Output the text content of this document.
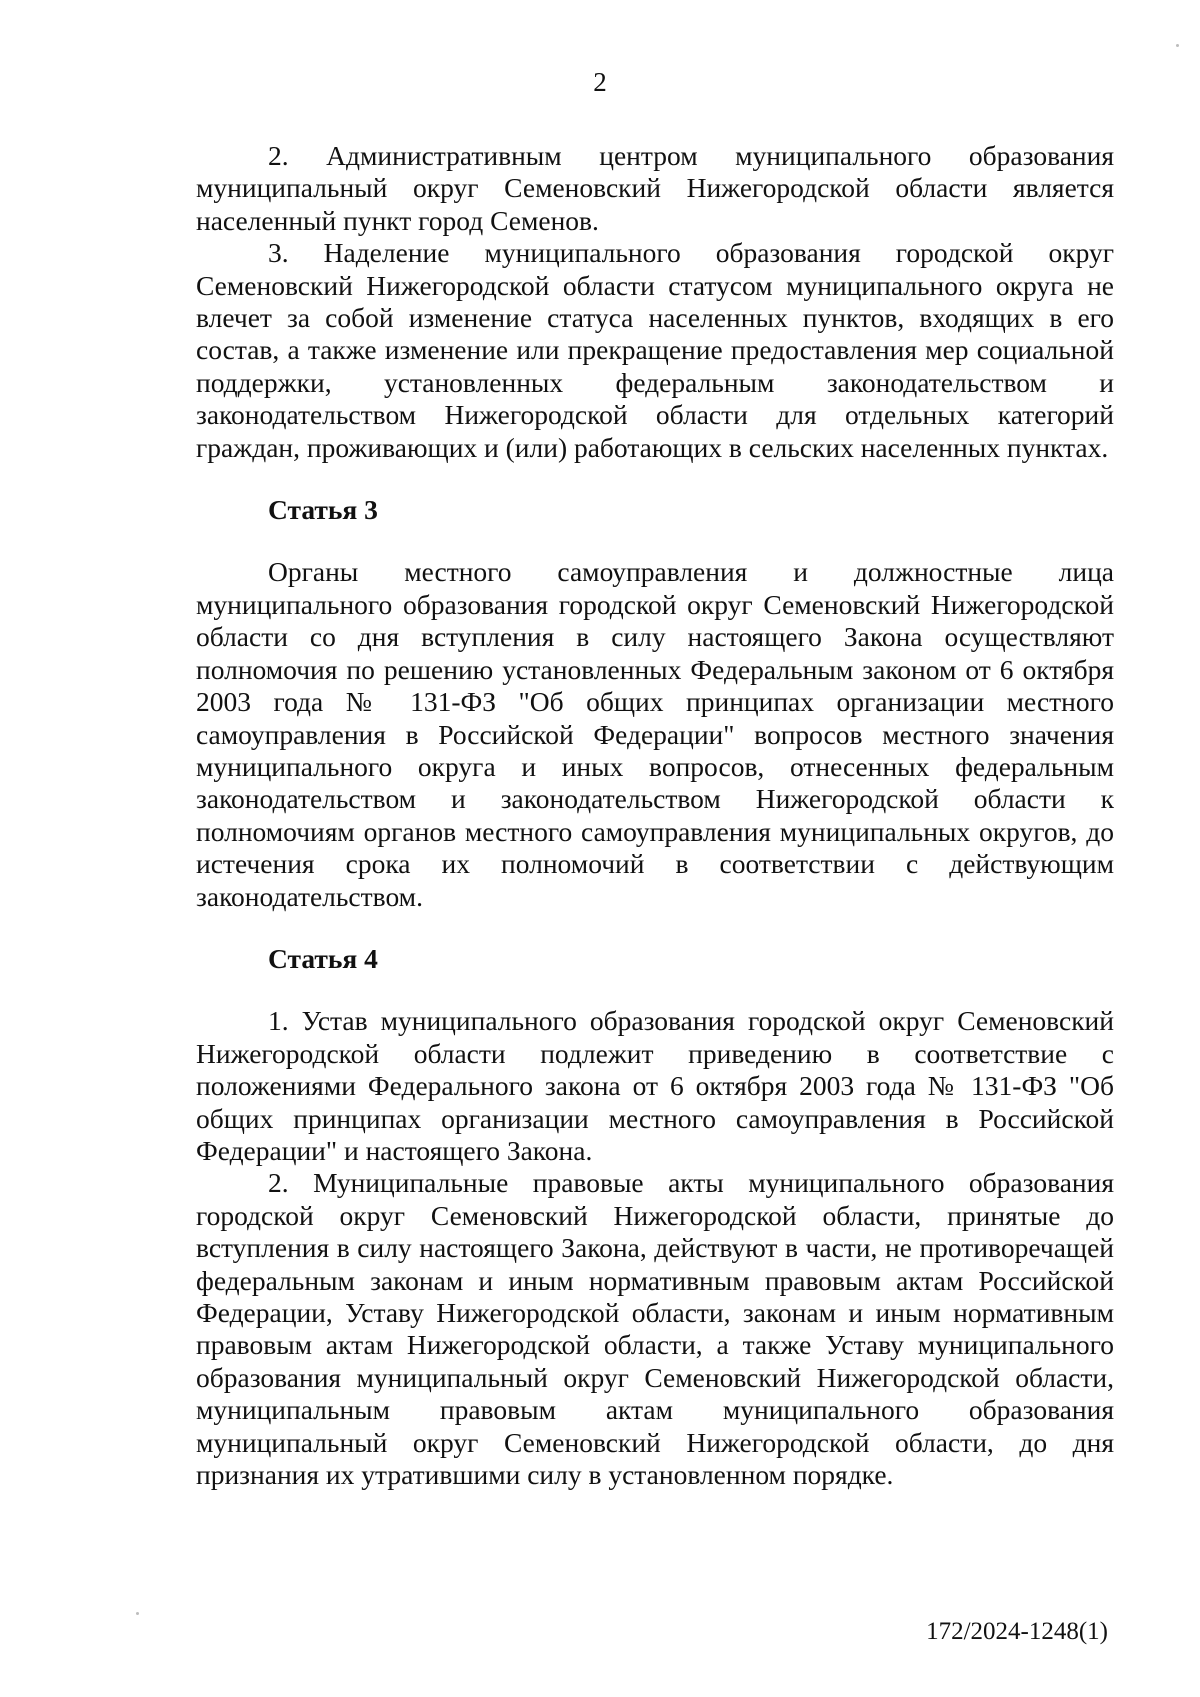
2

2. Административным центром муниципального образования муниципальный округ Семеновский Нижегородской области является населенный пункт город Семенов.

3. Наделение муниципального образования городской округ Семеновский Нижегородской области статусом муниципального округа не влечет за собой изменение статуса населенных пунктов, входящих в его состав, а также изменение или прекращение предоставления мер социальной поддержки, установленных федеральным законодательством и законодательством Нижегородской области для отдельных категорий граждан, проживающих и (или) работающих в сельских населенных пунктах.

Статья 3

Органы местного самоуправления и должностные лица муниципального образования городской округ Семеновский Нижегородской области со дня вступления в силу настоящего Закона осуществляют полномочия по решению установленных Федеральным законом от 6 октября 2003 года № 131-ФЗ "Об общих принципах организации местного самоуправления в Российской Федерации" вопросов местного значения муниципального округа и иных вопросов, отнесенных федеральным законодательством и законодательством Нижегородской области к полномочиям органов местного самоуправления муниципальных округов, до истечения срока их полномочий в соответствии с действующим законодательством.

Статья 4

1. Устав муниципального образования городской округ Семеновский Нижегородской области подлежит приведению в соответствие с положениями Федерального закона от 6 октября 2003 года № 131-ФЗ "Об общих принципах организации местного самоуправления в Российской Федерации" и настоящего Закона.

2. Муниципальные правовые акты муниципального образования городской округ Семеновский Нижегородской области, принятые до вступления в силу настоящего Закона, действуют в части, не противоречащей федеральным законам и иным нормативным правовым актам Российской Федерации, Уставу Нижегородской области, законам и иным нормативным правовым актам Нижегородской области, а также Уставу муниципального образования муниципальный округ Семеновский Нижегородской области, муниципальным правовым актам муниципального образования муниципальный округ Семеновский Нижегородской области, до дня признания их утратившими силу в установленном порядке.

172/2024-1248(1)
